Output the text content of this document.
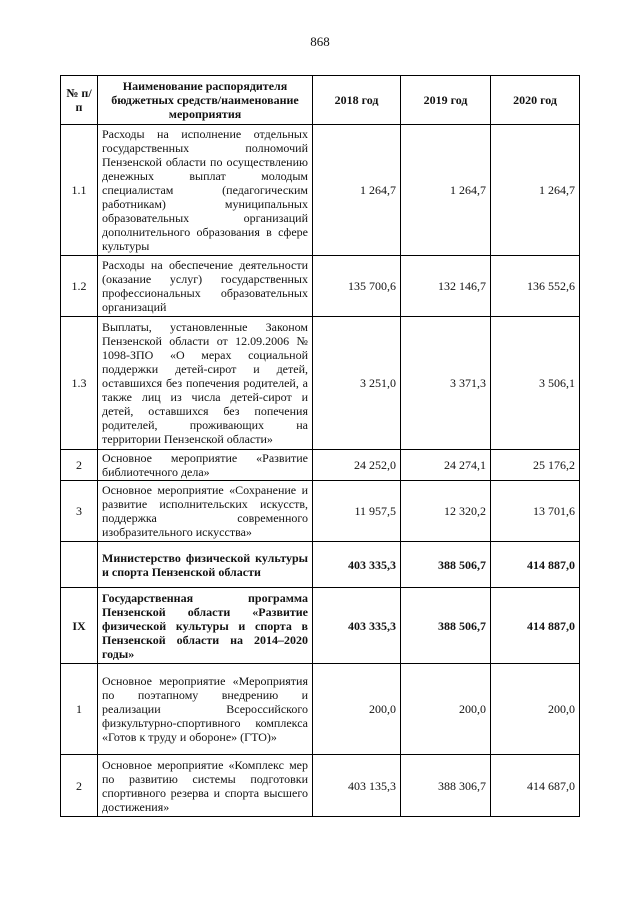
868
№ п/п	Наименование распорядителя бюджетных средств/наименование мероприятия	2018 год	2019 год	2020 год
1.1	Расходы на исполнение отдельных государственных полномочий Пензенской области по осуществлению денежных выплат молодым специалистам (педагогическим работникам) муниципальных образовательных организаций дополнительного образования в сфере культуры	1 264,7	1 264,7	1 264,7
1.2	Расходы на обеспечение деятельности (оказание услуг) государственных профессиональных образовательных организаций	135 700,6	132 146,7	136 552,6
1.3	Выплаты, установленные Законом Пензенской области от 12.09.2006 № 1098-ЗПО «О мерах социальной поддержки детей-сирот и детей, оставшихся без попечения родителей, а также лиц из числа детей-сирот и детей, оставшихся без попечения родителей, проживающих на территории Пензенской области»	3 251,0	3 371,3	3 506,1
2	Основное мероприятие «Развитие библиотечного дела»	24 252,0	24 274,1	25 176,2
3	Основное мероприятие «Сохранение и развитие исполнительских искусств, поддержка современного изобразительного искусства»	11 957,5	12 320,2	13 701,6
	Министерство физической культуры и спорта Пензенской области	403 335,3	388 506,7	414 887,0
IX	Государственная программа Пензенской области «Развитие физической культуры и спорта в Пензенской области на 2014–2020 годы»	403 335,3	388 506,7	414 887,0
1	Основное мероприятие «Мероприятия по поэтапному внедрению и реализации Всероссийского физкультурно-спортивного комплекса «Готов к труду и обороне» (ГТО)»	200,0	200,0	200,0
2	Основное мероприятие «Комплекс мер по развитию системы подготовки спортивного резерва и спорта высшего достижения»	403 135,3	388 306,7	414 687,0
